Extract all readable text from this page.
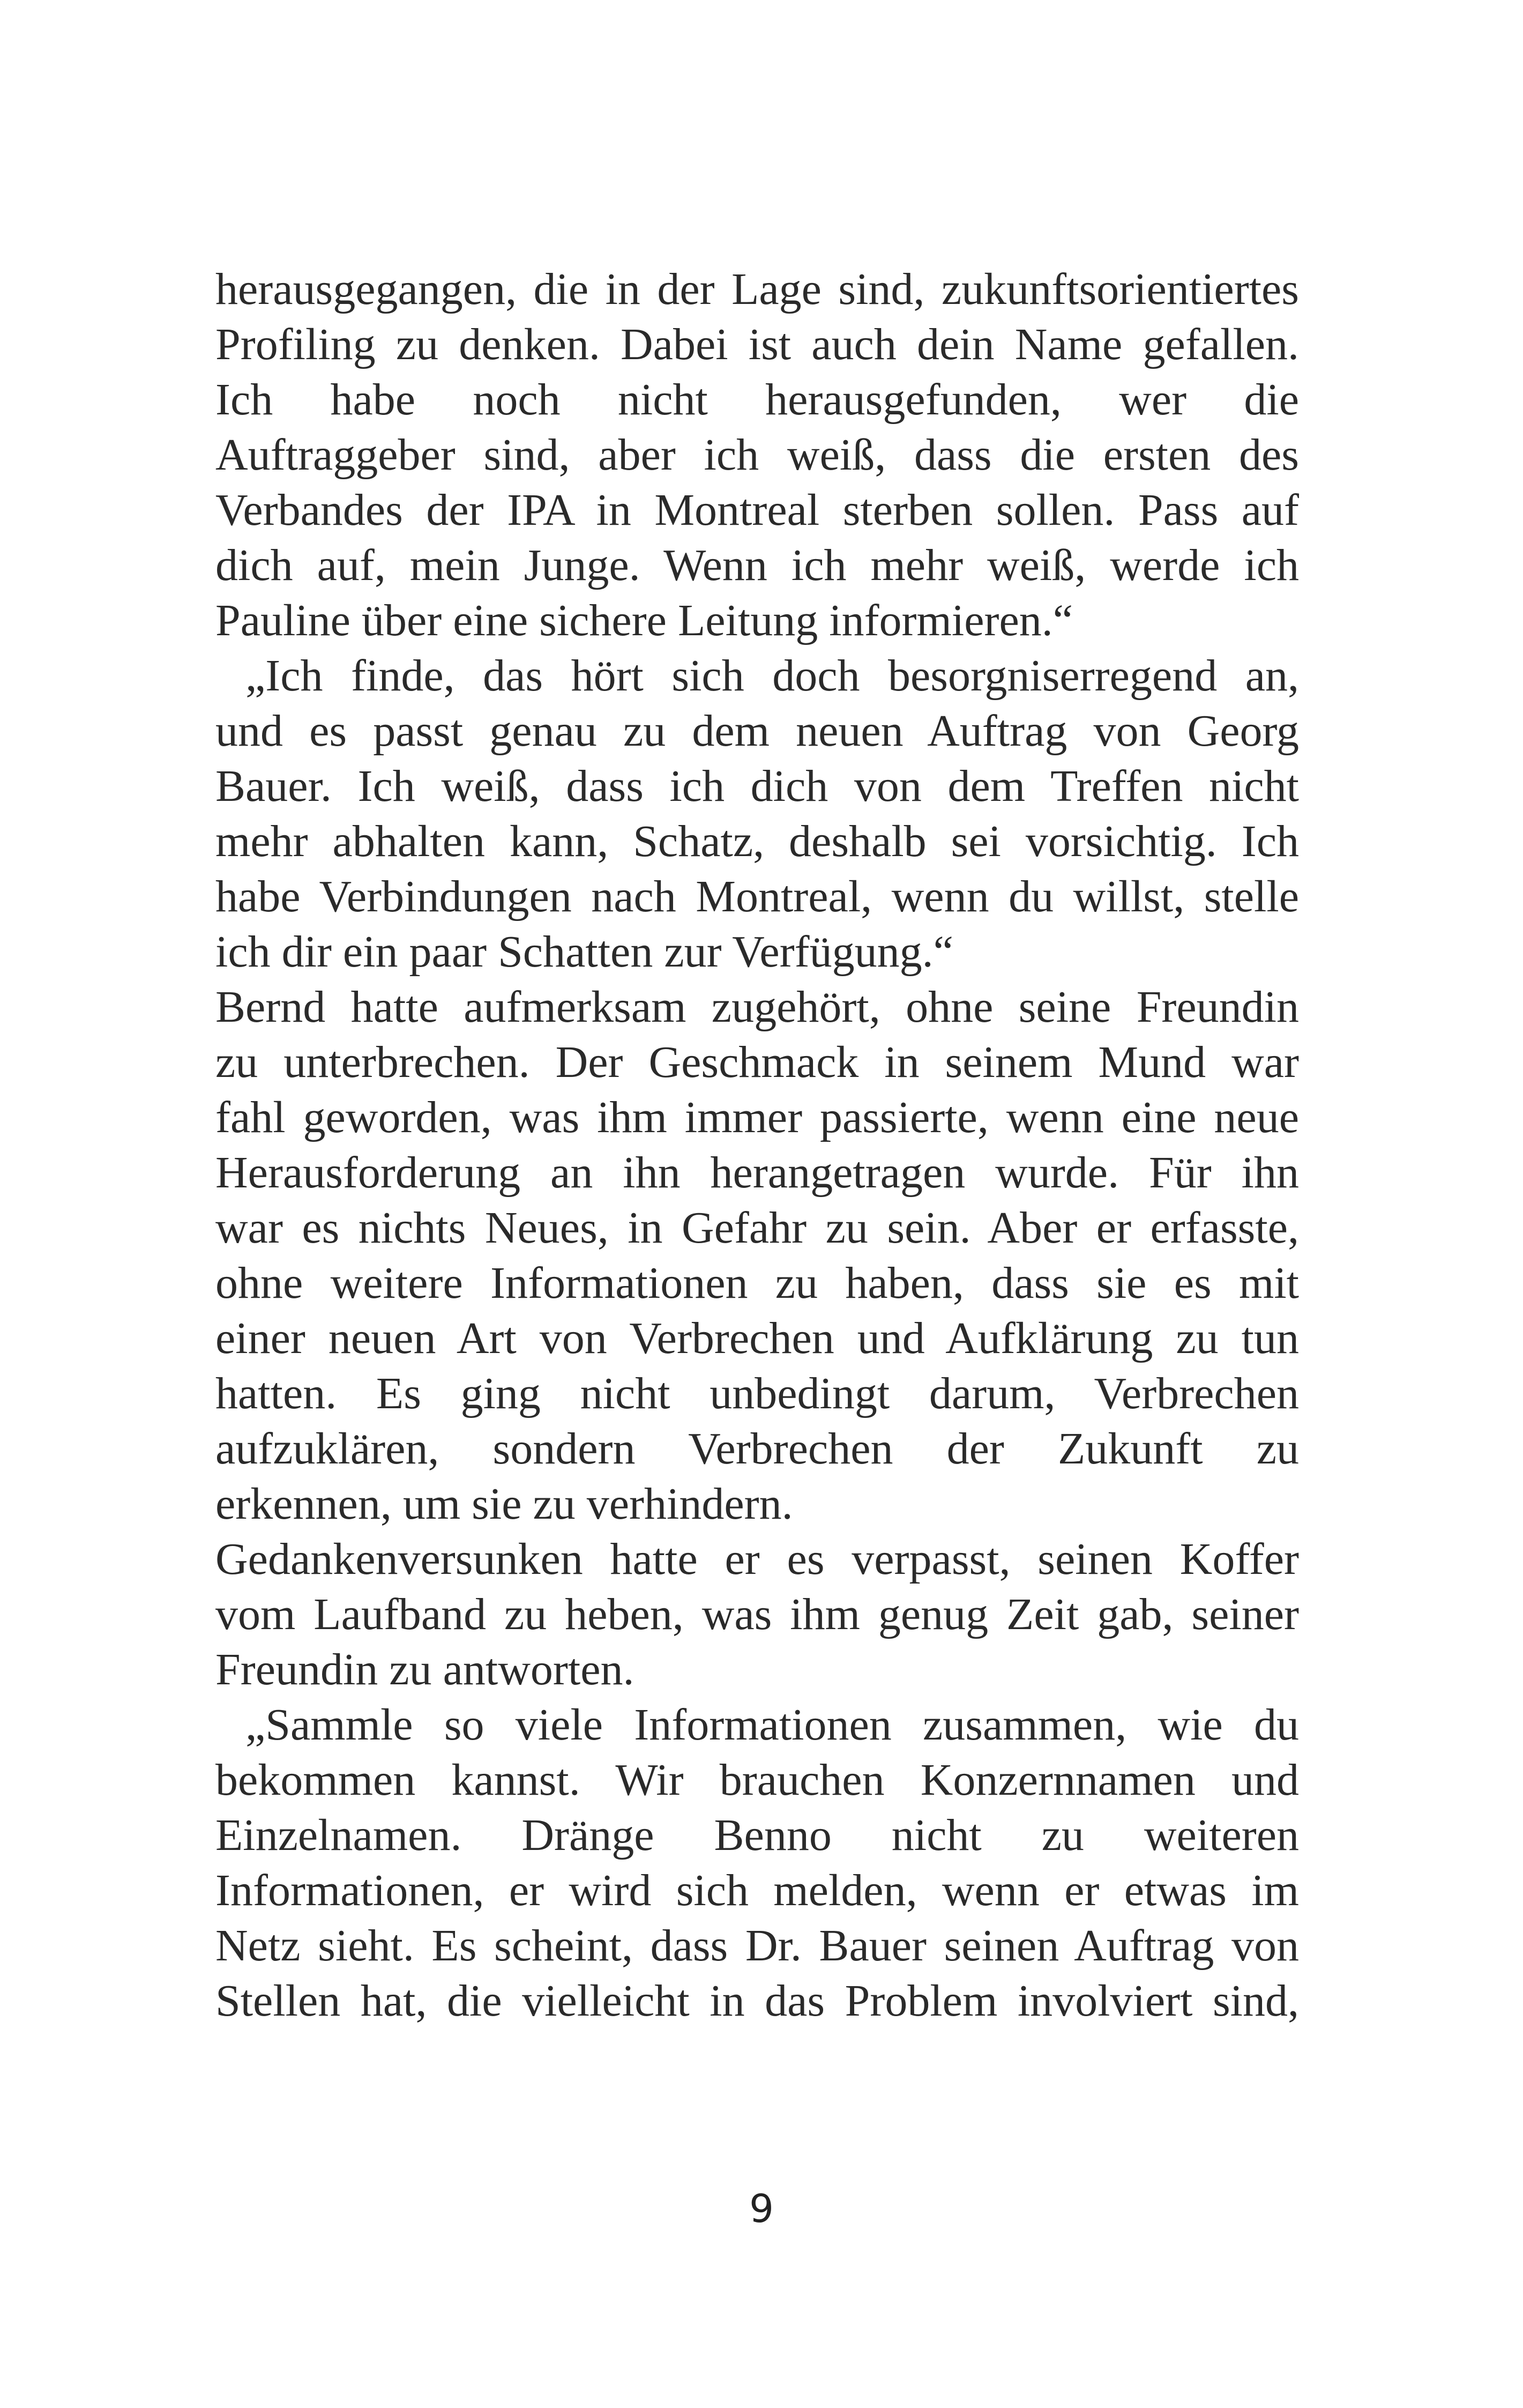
herausgegangen, die in der Lage sind, zukunftsorientiertes
Profiling zu denken. Dabei ist auch dein Name gefallen.
Ich habe noch nicht herausgefunden, wer die
Auftraggeber sind, aber ich weiß, dass die ersten des
Verbandes der IPA in Montreal sterben sollen. Pass auf
dich auf, mein Junge. Wenn ich mehr weiß, werde ich
Pauline über eine sichere Leitung informieren.“
„Ich finde, das hört sich doch besorgniserregend an,
und es passt genau zu dem neuen Auftrag von Georg
Bauer. Ich weiß, dass ich dich von dem Treffen nicht
mehr abhalten kann, Schatz, deshalb sei vorsichtig. Ich
habe Verbindungen nach Montreal, wenn du willst, stelle
ich dir ein paar Schatten zur Verfügung.“
Bernd hatte aufmerksam zugehört, ohne seine Freundin
zu unterbrechen. Der Geschmack in seinem Mund war
fahl geworden, was ihm immer passierte, wenn eine neue
Herausforderung an ihn herangetragen wurde. Für ihn
war es nichts Neues, in Gefahr zu sein. Aber er erfasste,
ohne weitere Informationen zu haben, dass sie es mit
einer neuen Art von Verbrechen und Aufklärung zu tun
hatten. Es ging nicht unbedingt darum, Verbrechen
aufzuklären, sondern Verbrechen der Zukunft zu
erkennen, um sie zu verhindern.
Gedankenversunken hatte er es verpasst, seinen Koffer
vom Laufband zu heben, was ihm genug Zeit gab, seiner
Freundin zu antworten.
„Sammle so viele Informationen zusammen, wie du
bekommen kannst. Wir brauchen Konzernnamen und
Einzelnamen. Dränge Benno nicht zu weiteren
Informationen, er wird sich melden, wenn er etwas im
Netz sieht. Es scheint, dass Dr. Bauer seinen Auftrag von
Stellen hat, die vielleicht in das Problem involviert sind,
9
